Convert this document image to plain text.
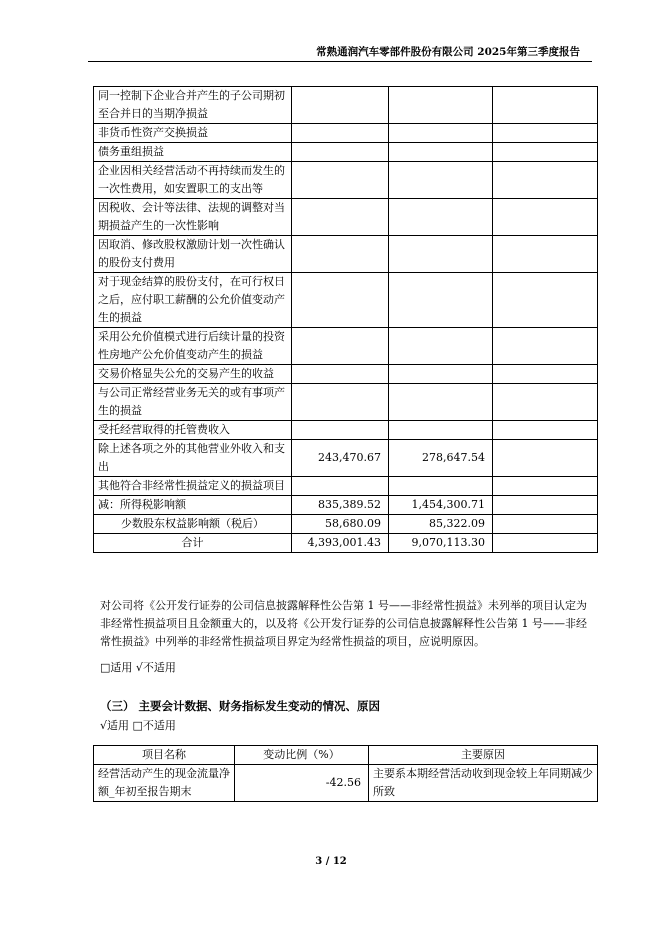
常熟通润汽车零部件股份有限公司 2025年第三季度报告
同一控制下企业合并产生的子公司期初至合并日的当期净损益			
非货币性资产交换损益			
债务重组损益			
企业因相关经营活动不再持续而发生的一次性费用，如安置职工的支出等			
因税收、会计等法律、法规的调整对当期损益产生的一次性影响			
因取消、修改股权激励计划一次性确认的股份支付费用			
对于现金结算的股份支付，在可行权日之后，应付职工薪酬的公允价值变动产生的损益			
采用公允价值模式进行后续计量的投资性房地产公允价值变动产生的损益			
交易价格显失公允的交易产生的收益			
与公司正常经营业务无关的或有事项产生的损益			
受托经营取得的托管费收入			
除上述各项之外的其他营业外收入和支出	243,470.67	278,647.54	
其他符合非经常性损益定义的损益项目			
减：所得税影响额	835,389.52	1,454,300.71	
少数股东权益影响额（税后）	58,680.09	85,322.09	
合计	4,393,001.43	9,070,113.30	
对公司将《公开发行证券的公司信息披露解释性公告第 1 号——非经常性损益》未列举的项目认定为非经常性损益项目且金额重大的，以及将《公开发行证券的公司信息披露解释性公告第 1 号——非经常性损益》中列举的非经常性损益项目界定为经常性损益的项目，应说明原因。
□适用 √不适用
（三） 主要会计数据、财务指标发生变动的情况、原因
√适用 □不适用
项目名称	变动比例（%）	主要原因
经营活动产生的现金流量净额_年初至报告期末	-42.56	主要系本期经营活动收到现金较上年同期减少所致
3 / 12
